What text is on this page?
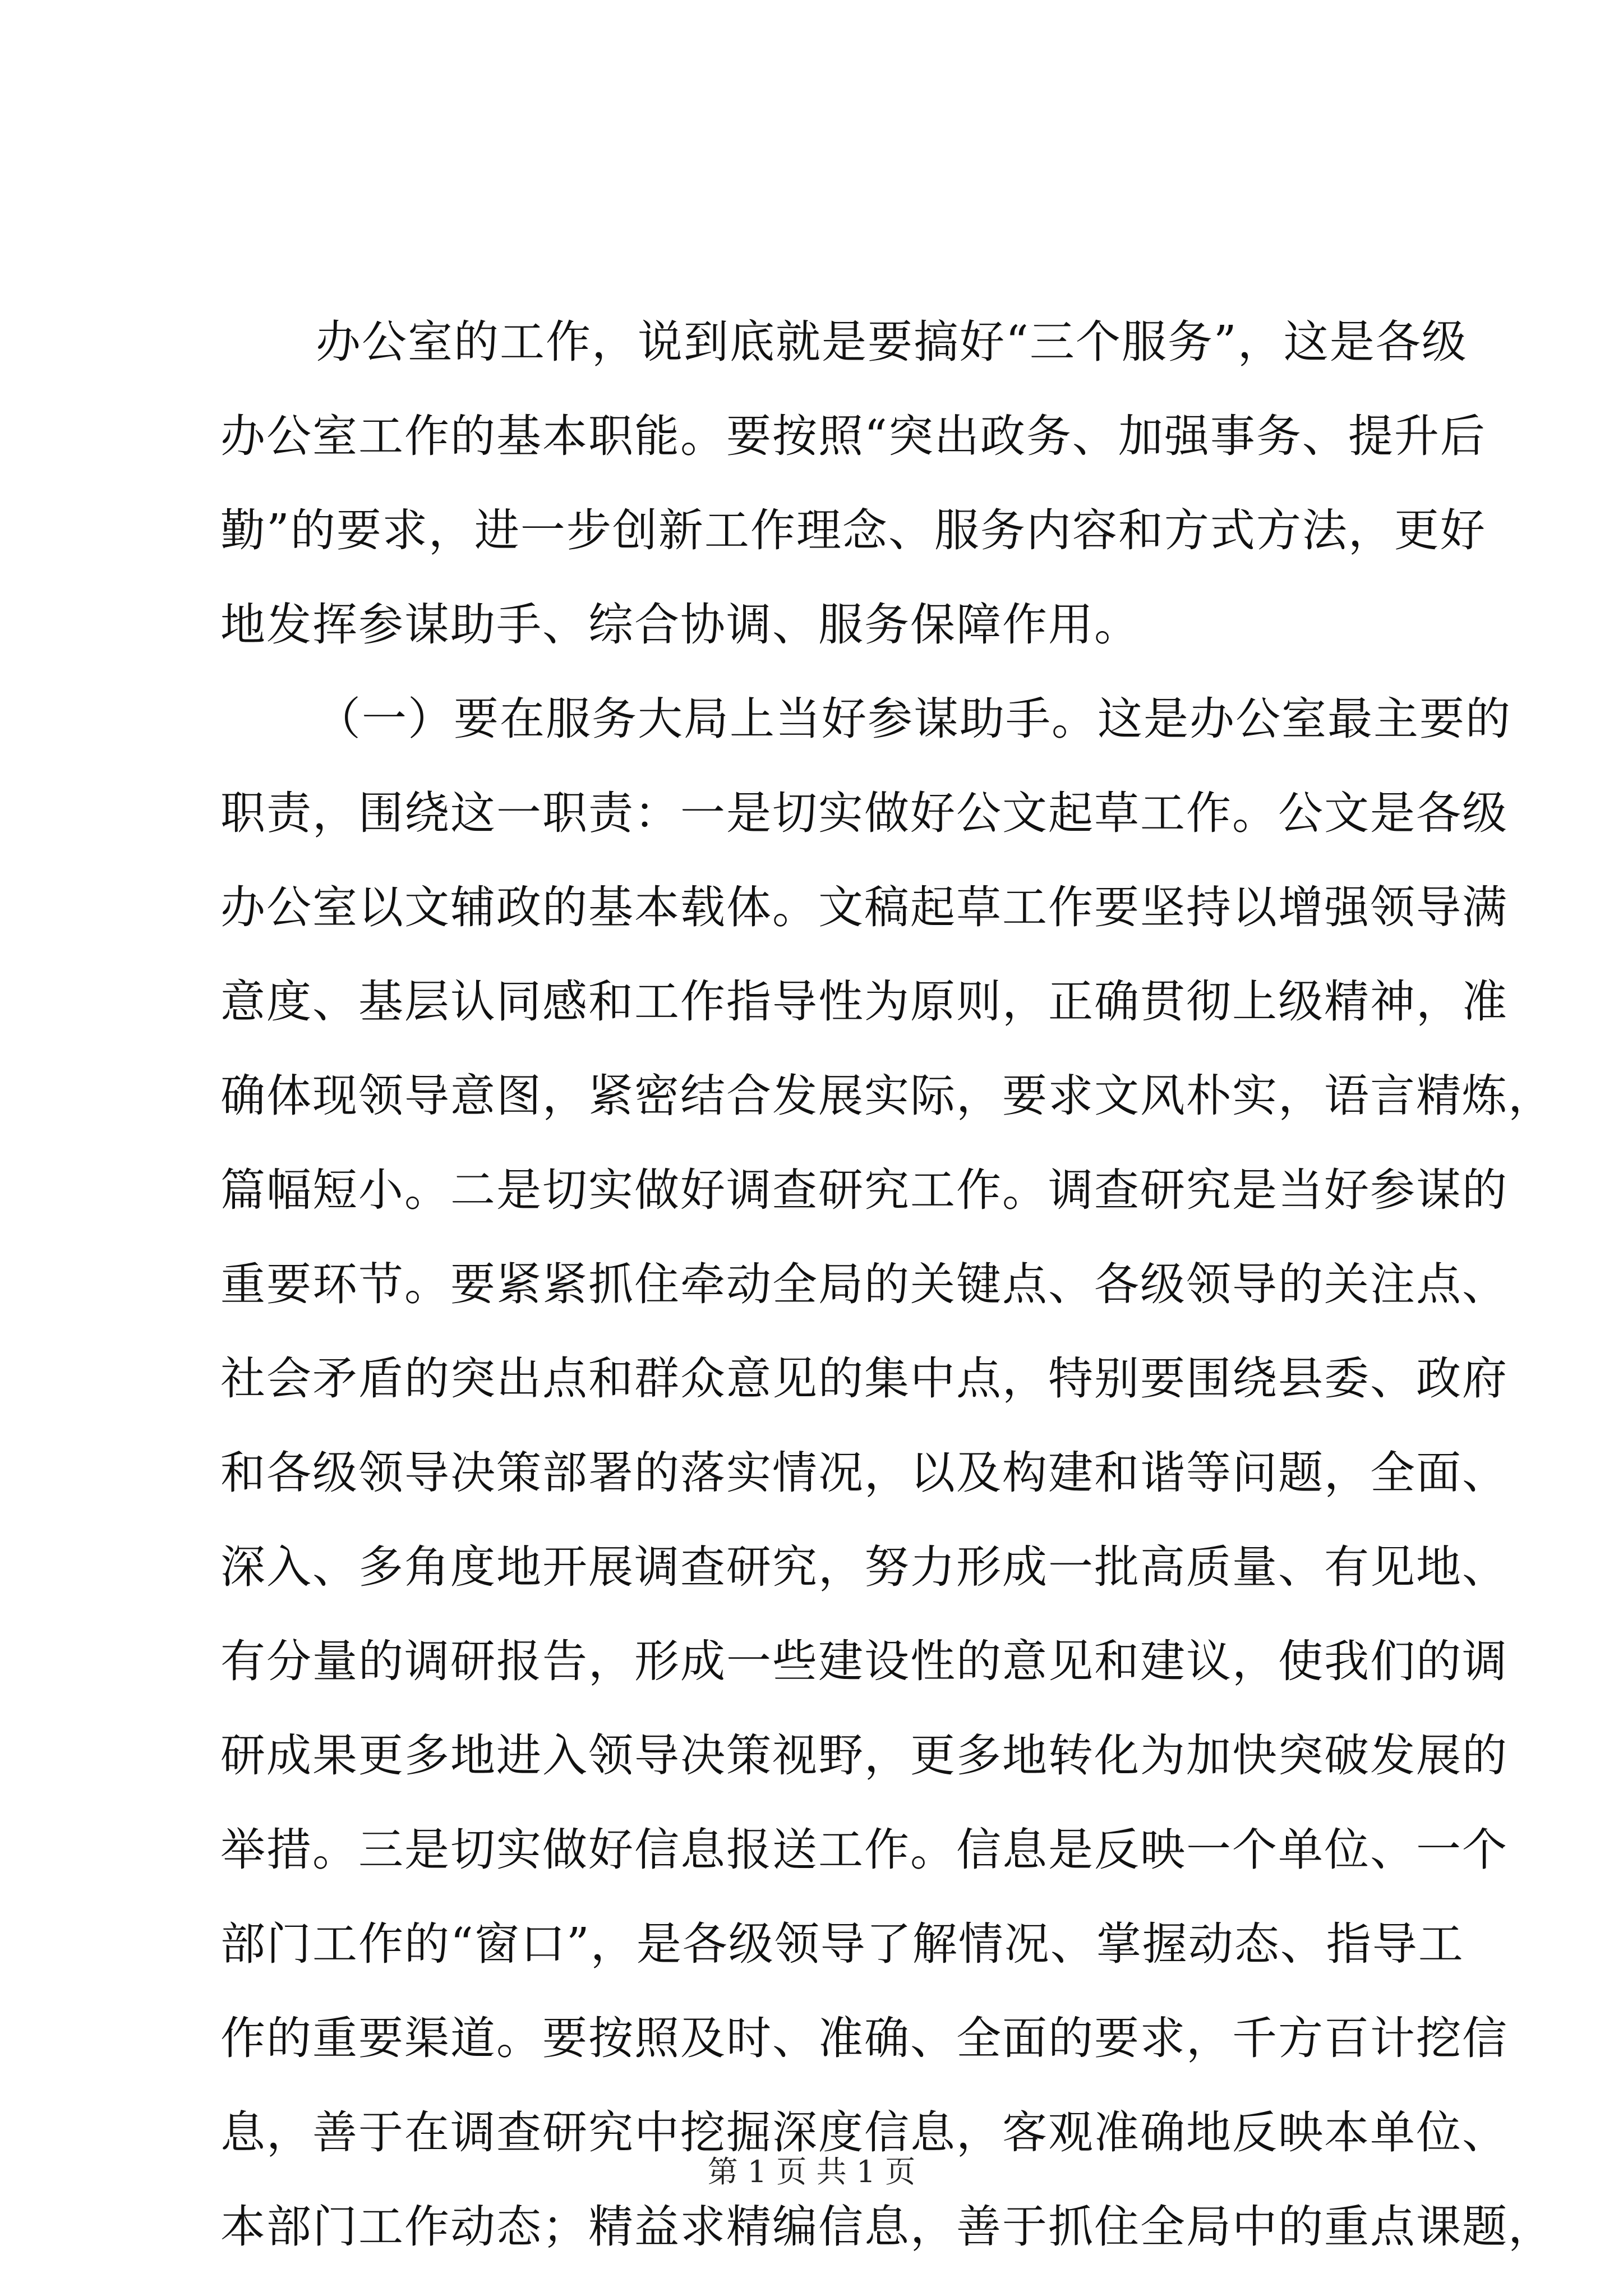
办公室的工作，说到底就是要搞好“三个服务”，这是各级
办公室工作的基本职能。要按照“突出政务、加强事务、提升后
勤”的要求，进一步创新工作理念、服务内容和方式方法，更好
地发挥参谋助手、综合协调、服务保障作用。
（一）要在服务大局上当好参谋助手。这是办公室最主要的
职责，围绕这一职责：一是切实做好公文起草工作。公文是各级
办公室以文辅政的基本载体。文稿起草工作要坚持以增强领导满
意度、基层认同感和工作指导性为原则，正确贯彻上级精神，准
确体现领导意图，紧密结合发展实际，要求文风朴实，语言精炼，
篇幅短小。二是切实做好调查研究工作。调查研究是当好参谋的
重要环节。要紧紧抓住牵动全局的关键点、各级领导的关注点、
社会矛盾的突出点和群众意见的集中点，特别要围绕县委、政府
和各级领导决策部署的落实情况，以及构建和谐等问题，全面、
深入、多角度地开展调查研究，努力形成一批高质量、有见地、
有分量的调研报告，形成一些建设性的意见和建议，使我们的调
研成果更多地进入领导决策视野，更多地转化为加快突破发展的
举措。三是切实做好信息报送工作。信息是反映一个单位、一个
部门工作的“窗口”，是各级领导了解情况、掌握动态、指导工
作的重要渠道。要按照及时、准确、全面的要求，千方百计挖信
息，善于在调查研究中挖掘深度信息，客观准确地反映本单位、
本部门工作动态；精益求精编信息，善于抓住全局中的重点课题，
第 1 页 共 1 页
